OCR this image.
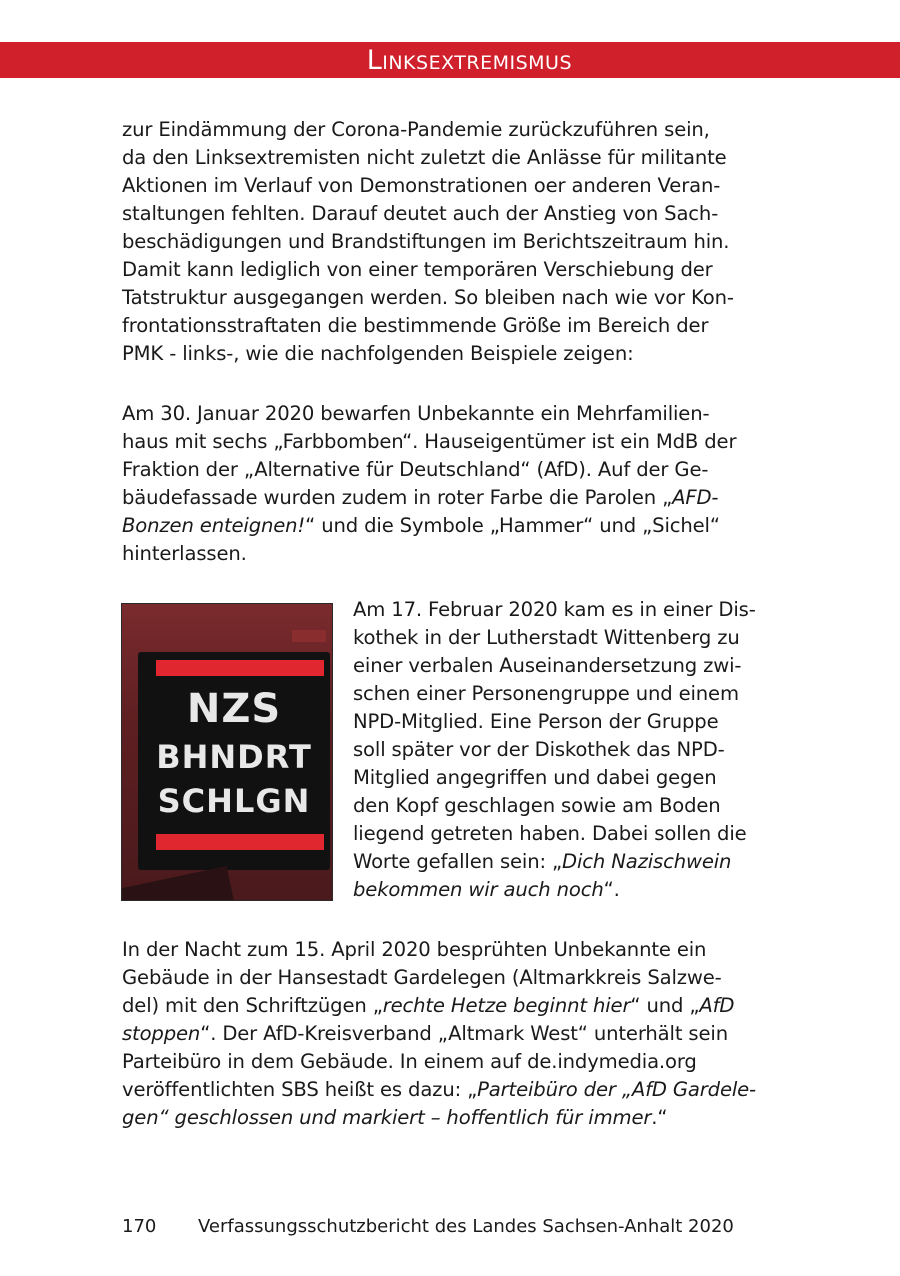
Linksextremismus

zur Eindämmung der Corona-Pandemie zurückzuführen sein,

da den Linksextremisten nicht zuletzt die Anlässe für militante

Aktionen im Verlauf von Demonstrationen oer anderen Veran-

staltungen fehlten. Darauf deutet auch der Anstieg von Sach-

beschädigungen und Brandstiftungen im Berichtszeitraum hin.

Damit kann lediglich von einer temporären Verschiebung der

Tatstruktur ausgegangen werden. So bleiben nach wie vor Kon-

frontationsstraftaten die bestimmende Größe im Bereich der

PMK - links-, wie die nachfolgenden Beispiele zeigen:

Am 30. Januar 2020 bewarfen Unbekannte ein Mehrfamilien-

haus mit sechs „Farbbomben“. Hauseigentümer ist ein MdB der

Fraktion der „Alternative für Deutschland“ (AfD). Auf der Ge-

bäudefassade wurden zudem in roter Farbe die Parolen „AFD-

Bonzen enteignen!“ und die Symbole „Hammer“ und „Sichel“

hinterlassen.

NZS
BHNDRT
SCHLGN

Am 17. Februar 2020 kam es in einer Dis-

kothek in der Lutherstadt Wittenberg zu

einer verbalen Auseinandersetzung zwi-

schen einer Personengruppe und einem

NPD-Mitglied. Eine Person der Gruppe

soll später vor der Diskothek das NPD-

Mitglied angegriffen und dabei gegen

den Kopf geschlagen sowie am Boden

liegend getreten haben. Dabei sollen die

Worte gefallen sein: „Dich Nazischwein

bekommen wir auch noch“.

In der Nacht zum 15. April 2020 besprühten Unbekannte ein

Gebäude in der Hansestadt Gardelegen (Altmarkkreis Salzwe-

del) mit den Schriftzügen „rechte Hetze beginnt hier“ und „AfD

stoppen“. Der AfD-Kreisverband „Altmark West“ unterhält sein

Parteibüro in dem Gebäude. In einem auf de.indymedia.org

veröffentlichten SBS heißt es dazu: „Parteibüro der „AfD Gardele-

gen“ geschlossen und markiert – hoffentlich für immer.“

170 Verfassungsschutzbericht des Landes Sachsen-Anhalt 2020
